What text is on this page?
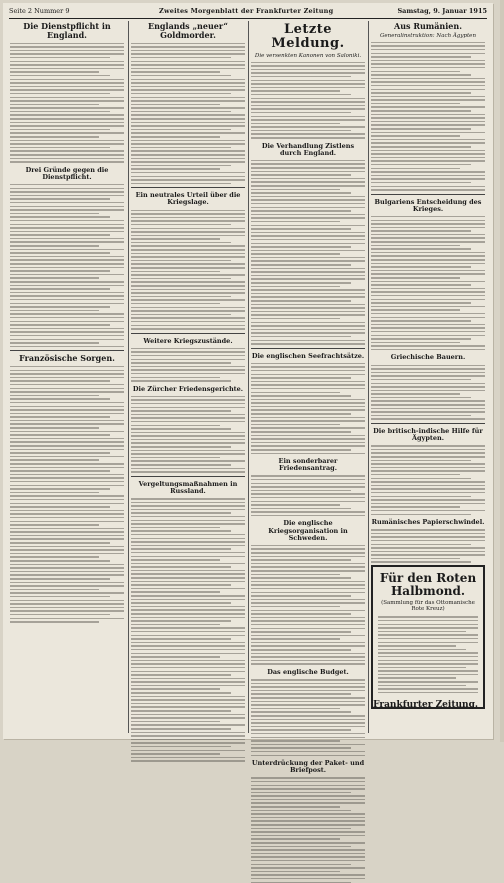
Seite 2 Nummer 9	Zweites Morgenblatt der Frankfurter Zeitung	Samstag, 9. Januar 1915
Die Dienstpflicht in England.
Drei Gründe gegen die Dienstpflicht.
Französische Sorgen.
Englands „neuer“ Goldmorder.
Ein neutrales Urteil über die Kriegslage.
Weitere Kriegszustände.
Die Zürcher Friedensgerichte.
Vergeltungsmaßnahmen in Russland.
Letzte Meldung.
Die versenkten Kanonen von Saloniki.
Die Verhandlung Zistlens durch England.
Die englischen Seefrachtsätze.
Ein sonderbarer Friedensantrag.
Die englische Kriegsorganisation in Schweden.
Das englische Budget.
Unterdrückung der Paket- und Briefpost.
Aus Rumänien.
Generalinstruktion: Nach Ägypten
Bulgariens Entscheidung des Krieges.
Griechische Bauern.
Die britisch-indische Hilfe für Ägypten.
Rumänisches Papierschwindel.
Für den Roten Halbmond.
(Sammlung für das Ottomanische Rote Kreuz)
Frankfurter Zeitung.
